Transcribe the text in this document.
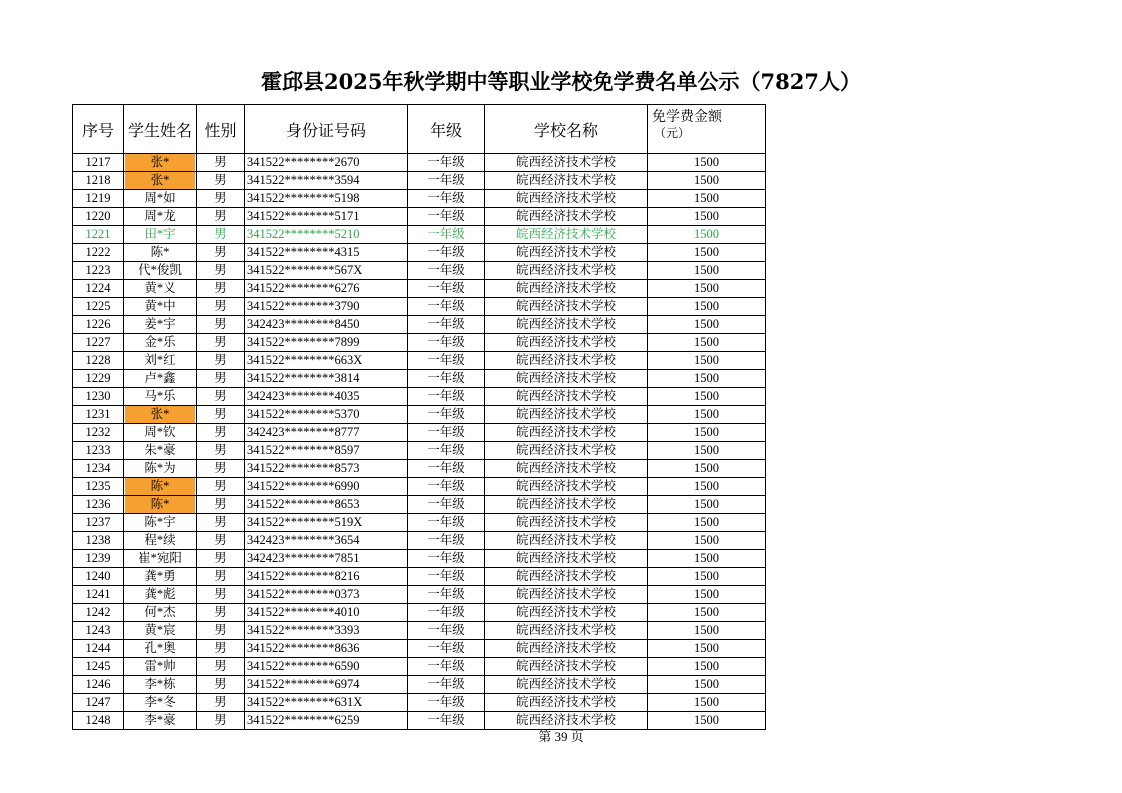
霍邱县2025年秋学期中等职业学校免学费名单公示（7827人）
序号	学生姓名	性别	身份证号码	年级	学校名称	免学费金额
（元）

1217	张*	男	341522********2670	一年级	皖西经济技术学校	1500
1218	张*	男	341522********3594	一年级	皖西经济技术学校	1500
1219	周*如	男	341522********5198	一年级	皖西经济技术学校	1500
1220	周*龙	男	341522********5171	一年级	皖西经济技术学校	1500
1221	田*宇	男	341522********5210	一年级	皖西经济技术学校	1500
1222	陈*	男	341522********4315	一年级	皖西经济技术学校	1500
1223	代*俊凯	男	341522********567X	一年级	皖西经济技术学校	1500
1224	黄*义	男	341522********6276	一年级	皖西经济技术学校	1500
1225	黄*中	男	341522********3790	一年级	皖西经济技术学校	1500
1226	姜*宇	男	342423********8450	一年级	皖西经济技术学校	1500
1227	金*乐	男	341522********7899	一年级	皖西经济技术学校	1500
1228	刘*红	男	341522********663X	一年级	皖西经济技术学校	1500
1229	卢*鑫	男	341522********3814	一年级	皖西经济技术学校	1500
1230	马*乐	男	342423********4035	一年级	皖西经济技术学校	1500
1231	张*	男	341522********5370	一年级	皖西经济技术学校	1500
1232	周*钦	男	342423********8777	一年级	皖西经济技术学校	1500
1233	朱*豪	男	341522********8597	一年级	皖西经济技术学校	1500
1234	陈*为	男	341522********8573	一年级	皖西经济技术学校	1500
1235	陈*	男	341522********6990	一年级	皖西经济技术学校	1500
1236	陈*	男	341522********8653	一年级	皖西经济技术学校	1500
1237	陈*宇	男	341522********519X	一年级	皖西经济技术学校	1500
1238	程*续	男	342423********3654	一年级	皖西经济技术学校	1500
1239	崔*宛阳	男	342423********7851	一年级	皖西经济技术学校	1500
1240	龚*勇	男	341522********8216	一年级	皖西经济技术学校	1500
1241	龚*彪	男	341522********0373	一年级	皖西经济技术学校	1500
1242	何*杰	男	341522********4010	一年级	皖西经济技术学校	1500
1243	黄*宸	男	341522********3393	一年级	皖西经济技术学校	1500
1244	孔*奥	男	341522********8636	一年级	皖西经济技术学校	1500
1245	雷*帅	男	341522********6590	一年级	皖西经济技术学校	1500
1246	李*栋	男	341522********6974	一年级	皖西经济技术学校	1500
1247	李*冬	男	341522********631X	一年级	皖西经济技术学校	1500
1248	李*豪	男	341522********6259	一年级	皖西经济技术学校	1500
第 39 页
